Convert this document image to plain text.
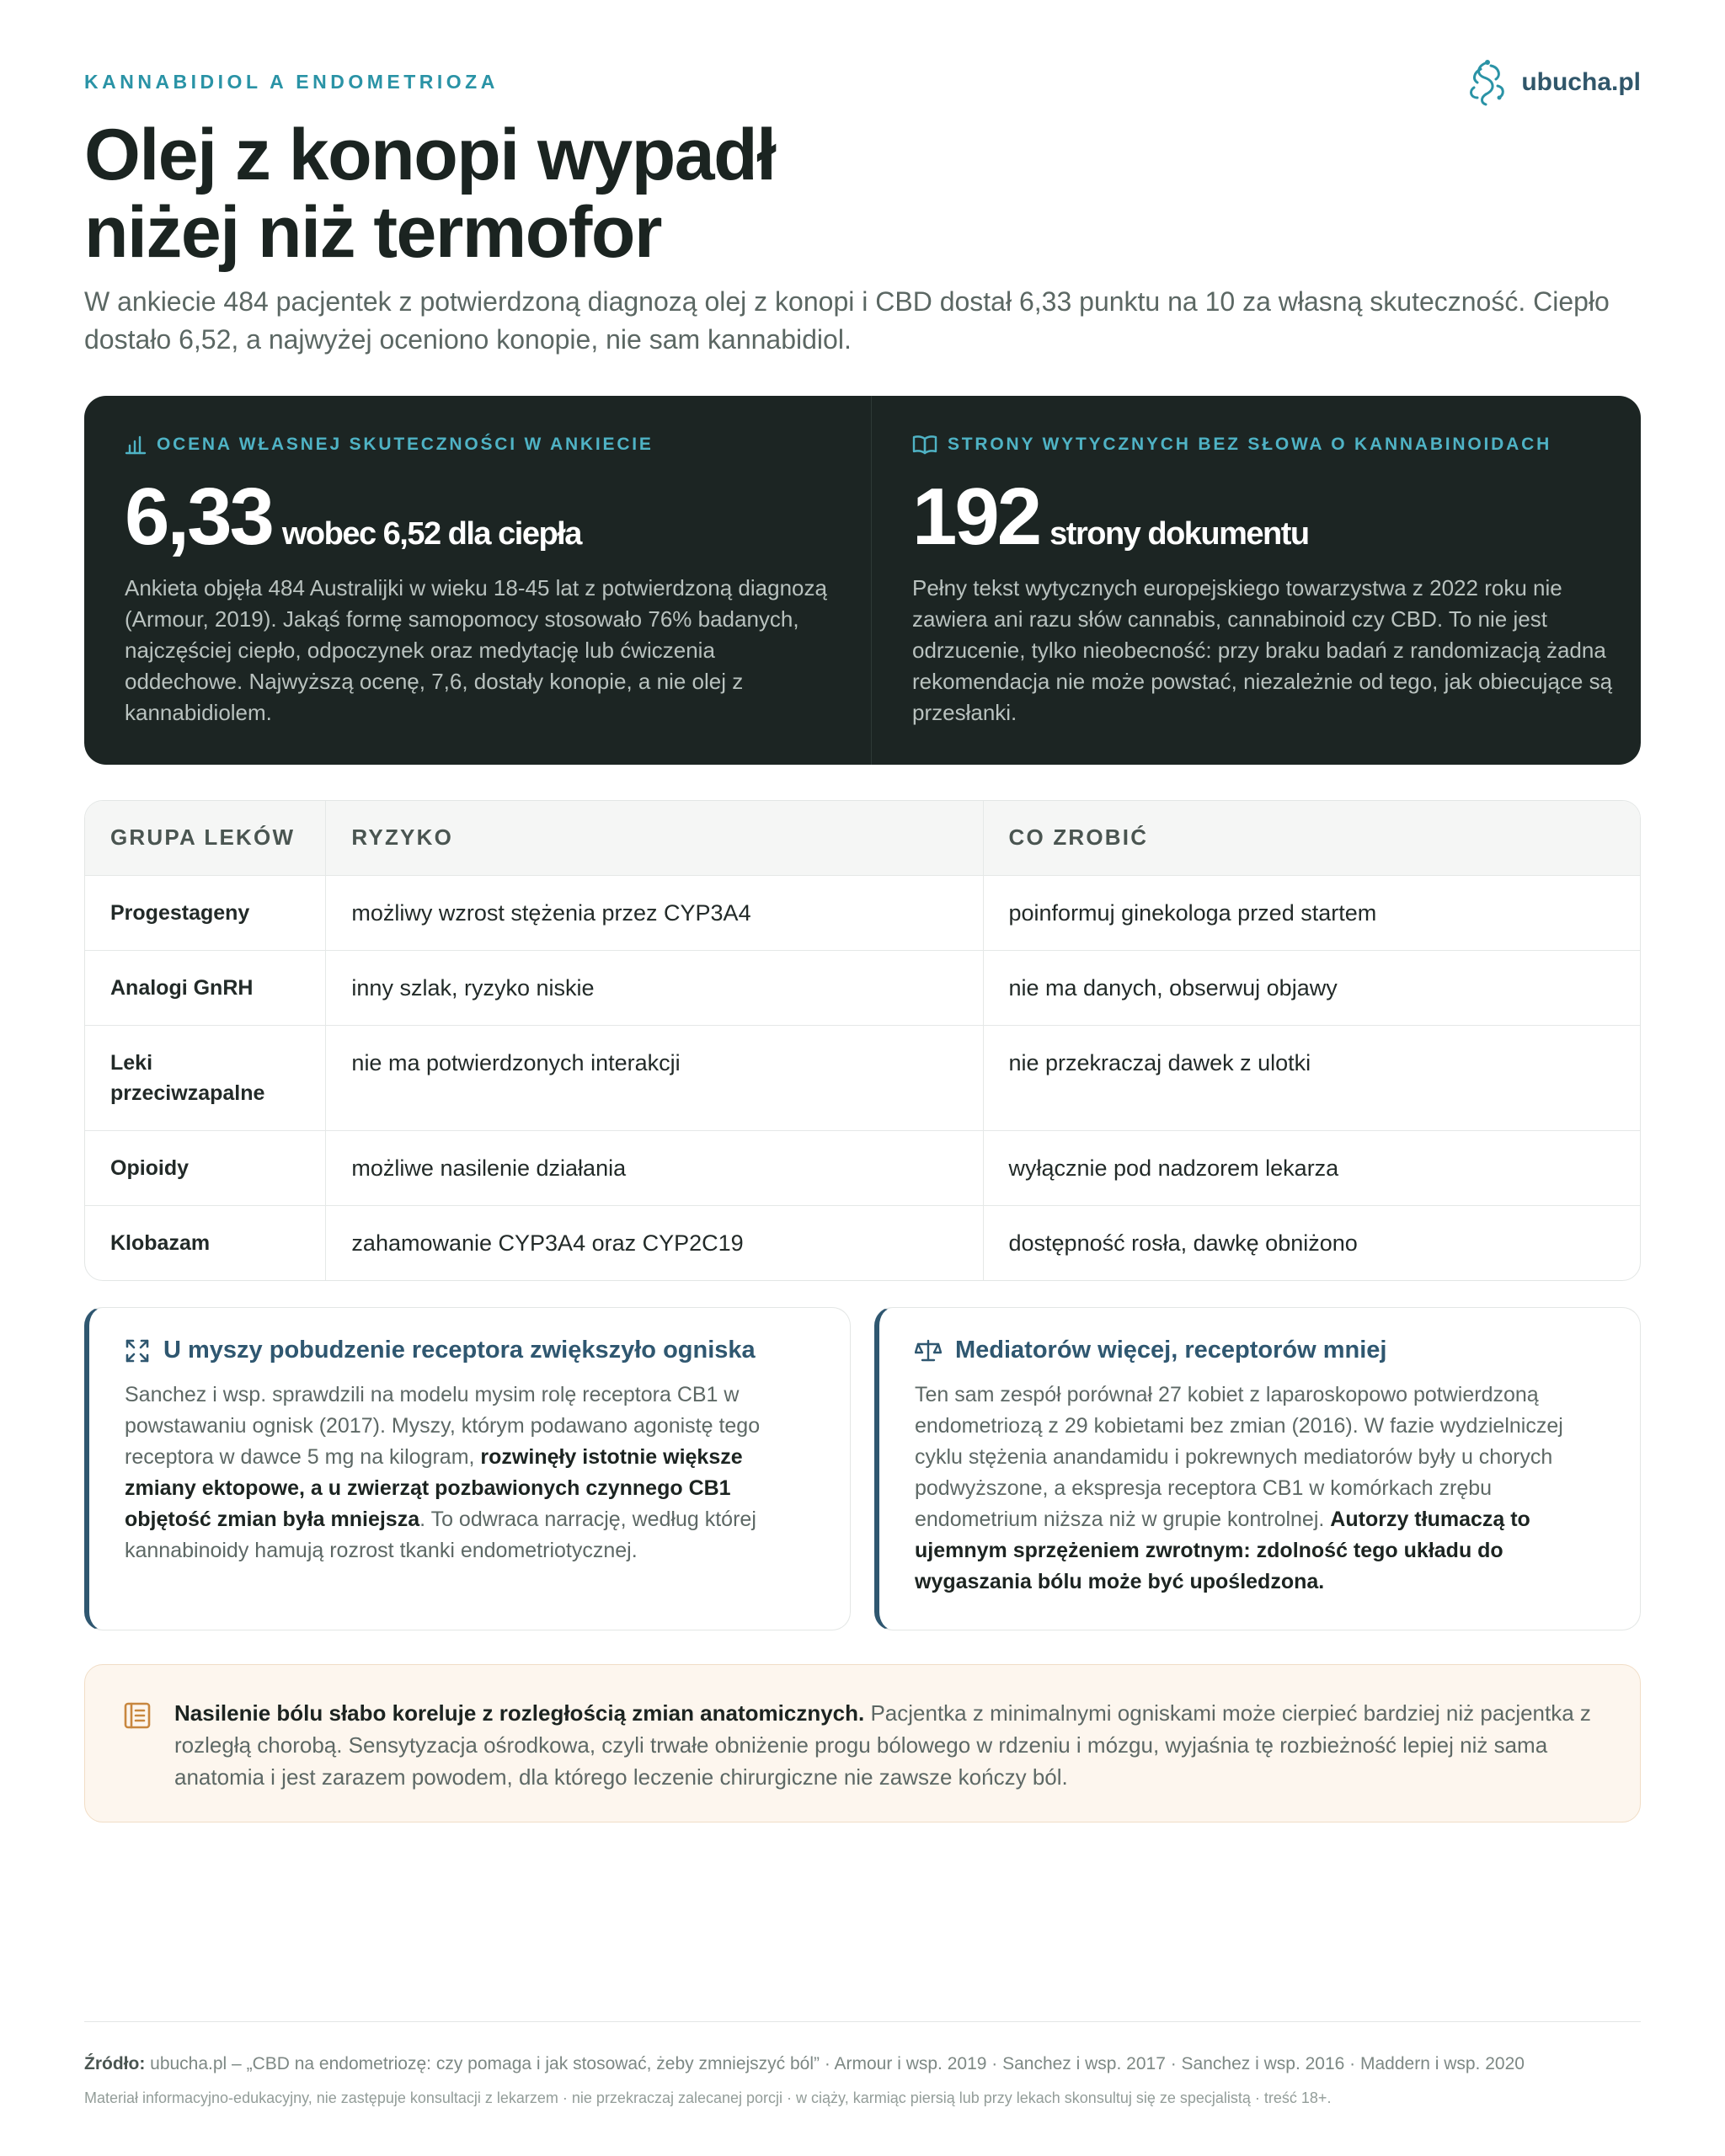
KANNABIDIOL A ENDOMETRIOZA	ubucha.pl
Olej z konopi wypadł
niżej niż termofor

W ankiecie 484 pacjentek z potwierdzoną diagnozą olej z konopi i CBD dostał 6,33 punktu na 10 za własną skuteczność. Ciepło dostało 6,52, a najwyżej oceniono konopie, nie sam kannabidiol.

OCENA WŁASNEJ SKUTECZNOŚCI W ANKIECIE
6,33 wobec 6,52 dla ciepła

Ankieta objęła 484 Australijki w wieku 18-45 lat z potwierdzoną diagnozą (Armour, 2019). Jakąś formę samopomocy stosowało 76% badanych, najczęściej ciepło, odpoczynek oraz medytację lub ćwiczenia oddechowe. Najwyższą ocenę, 7,6, dostały konopie, a nie olej z kannabidiolem.

STRONY WYTYCZNYCH BEZ SŁOWA O KANNABINOIDACH
192 strony dokumentu

Pełny tekst wytycznych europejskiego towarzystwa z 2022 roku nie zawiera ani razu słów cannabis, cannabinoid czy CBD. To nie jest odrzucenie, tylko nieobecność: przy braku badań z randomizacją żadna rekomendacja nie może powstać, niezależnie od tego, jak obiecujące są przesłanki.

GRUPA LEKÓW	RYZYKO	CO ZROBIĆ
Progestageny	możliwy wzrost stężenia przez CYP3A4	poinformuj ginekologa przed startem
Analogi GnRH	inny szlak, ryzyko niskie	nie ma danych, obserwuj objawy
Leki przeciwzapalne	nie ma potwierdzonych interakcji	nie przekraczaj dawek z ulotki
Opioidy	możliwe nasilenie działania	wyłącznie pod nadzorem lekarza
Klobazam	zahamowanie CYP3A4 oraz CYP2C19	dostępność rosła, dawkę obniżono
U myszy pobudzenie receptora zwiększyło ogniska

Sanchez i wsp. sprawdzili na modelu mysim rolę receptora CB1 w powstawaniu ognisk (2017). Myszy, którym podawano agonistę tego receptora w dawce 5 mg na kilogram, rozwinęły istotnie większe zmiany ektopowe, a u zwierząt pozbawionych czynnego CB1 objętość zmian była mniejsza. To odwraca narrację, według której kannabinoidy hamują rozrost tkanki endometriotycznej.

Mediatorów więcej, receptorów mniej

Ten sam zespół porównał 27 kobiet z laparoskopowo potwierdzoną endometriozą z 29 kobietami bez zmian (2016). W fazie wydzielniczej cyklu stężenia anandamidu i pokrewnych mediatorów były u chorych podwyższone, a ekspresja receptora CB1 w komórkach zrębu endometrium niższa niż w grupie kontrolnej. Autorzy tłumaczą to ujemnym sprzężeniem zwrotnym: zdolność tego układu do wygaszania bólu może być upośledzona.

Nasilenie bólu słabo koreluje z rozległością zmian anatomicznych. Pacjentka z minimalnymi ogniskami może cierpieć bardziej niż pacjentka z rozległą chorobą. Sensytyzacja ośrodkowa, czyli trwałe obniżenie progu bólowego w rdzeniu i mózgu, wyjaśnia tę rozbieżność lepiej niż sama anatomia i jest zarazem powodem, dla którego leczenie chirurgiczne nie zawsze kończy ból.

Źródło: ubucha.pl – „CBD na endometriozę: czy pomaga i jak stosować, żeby zmniejszyć ból” · Armour i wsp. 2019 · Sanchez i wsp. 2017 · Sanchez i wsp. 2016 · Maddern i wsp. 2020

Materiał informacyjno-edukacyjny, nie zastępuje konsultacji z lekarzem · nie przekraczaj zalecanej porcji · w ciąży, karmiąc piersią lub przy lekach skonsultuj się ze specjalistą · treść 18+.
